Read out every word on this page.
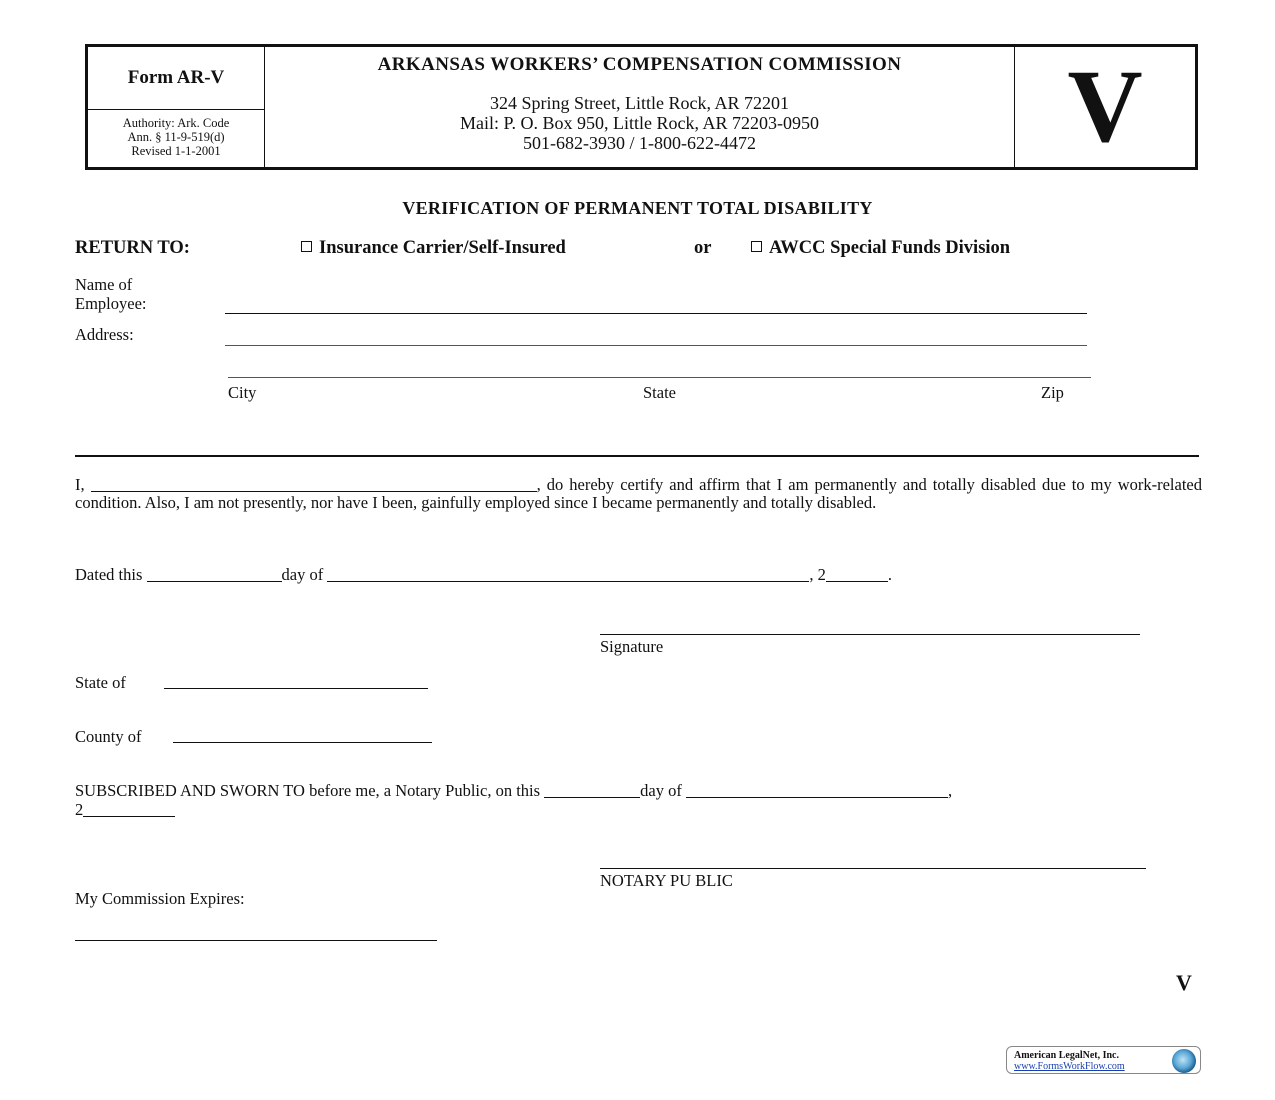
Form AR-V
Authority: Ark. Code
Ann. § 11-9-519(d)
Revised 1-1-2001
ARKANSAS WORKERS’ COMPENSATION COMMISSION
324 Spring Street, Little Rock, AR 72201
Mail: P. O. Box 950, Little Rock, AR 72203-0950
501-682-3930 / 1-800-622-4472	V
VERIFICATION OF PERMANENT TOTAL DISABILITY
RETURN TO:	Insurance Carrier/Self-Insured	or	AWCC Special Funds Division
Name of
Employee:
Address:
City	State	Zip
I,	, do hereby certify and affirm that I am permanently and totally disabled due to my work-related condition. Also, I am not presently, nor have I been, gainfully employed since I became permanently and totally disabled.
Dated this	day of	, 2	.
Signature
State of
County of
SUBSCRIBED AND SWORN TO before me, a Notary Public, on this	day of	,
2
NOTARY PU BLIC
My Commission Expires:
V
American LegalNet, Inc.
www.FormsWorkFlow.com
